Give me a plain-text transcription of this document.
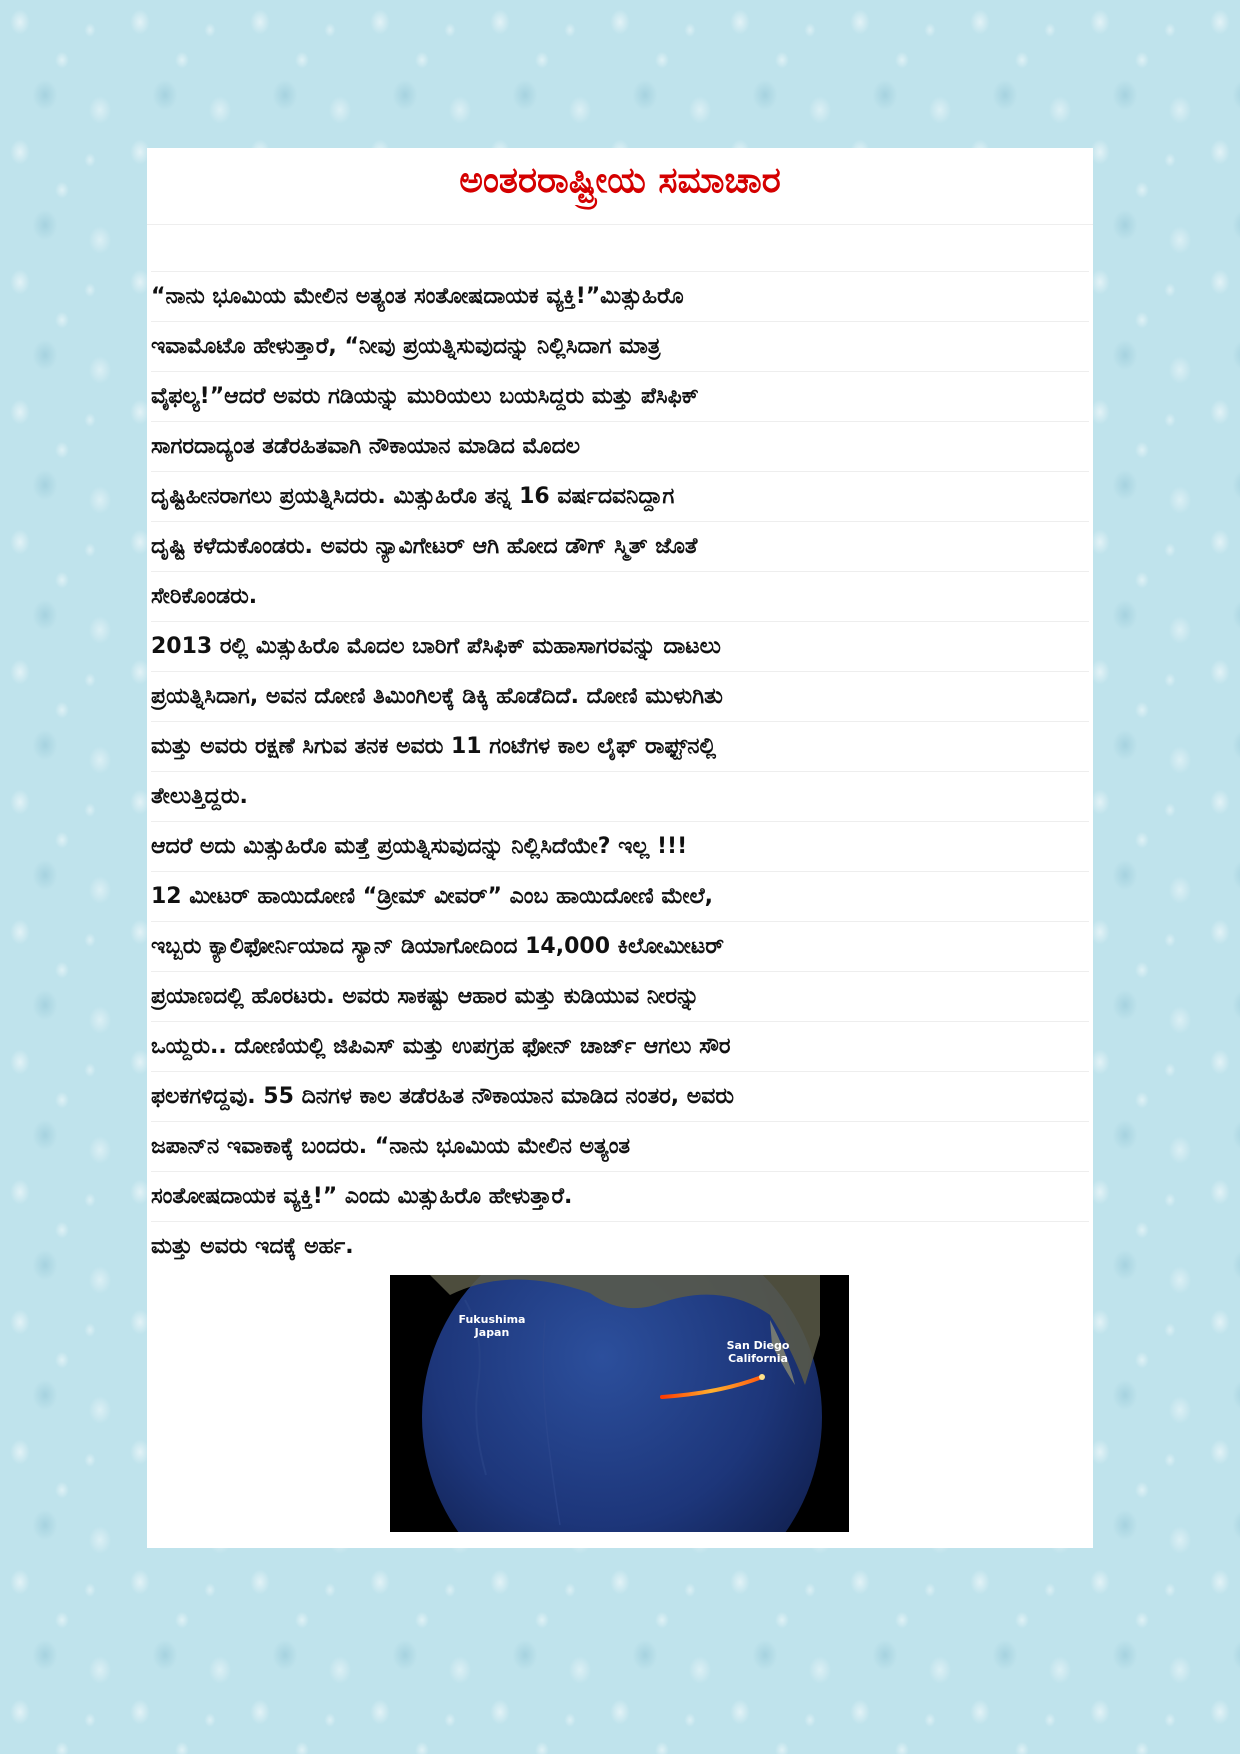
ಅಂತರರಾಷ್ಟ್ರೀಯ ಸಮಾಚಾರ
“ನಾನು ಭೂಮಿಯ ಮೇಲಿನ ಅತ್ಯಂತ ಸಂತೋಷದಾಯಕ ವ್ಯಕ್ತಿ!”ಮಿತ್ಸುಹಿರೊ
ಇವಾಮೊಟೊ ಹೇಳುತ್ತಾರೆ, “ನೀವು ಪ್ರಯತ್ನಿಸುವುದನ್ನು ನಿಲ್ಲಿಸಿದಾಗ ಮಾತ್ರ
ವೈಫಲ್ಯ!”ಆದರೆ ಅವರು ಗಡಿಯನ್ನು ಮುರಿಯಲು ಬಯಸಿದ್ದರು ಮತ್ತು ಪೆಸಿಫಿಕ್
ಸಾಗರದಾದ್ಯಂತ ತಡೆರಹಿತವಾಗಿ ನೌಕಾಯಾನ ಮಾಡಿದ ಮೊದಲ
ದೃಷ್ಟಿಹೀನರಾಗಲು ಪ್ರಯತ್ನಿಸಿದರು. ಮಿತ್ಸುಹಿರೊ ತನ್ನ 16 ವರ್ಷದವನಿದ್ದಾಗ
ದೃಷ್ಟಿ ಕಳೆದುಕೊಂಡರು. ಅವರು ನ್ಯಾವಿಗೇಟರ್ ಆಗಿ ಹೋದ ಡೌಗ್ ಸ್ಮಿತ್ ಜೊತೆ
ಸೇರಿಕೊಂಡರು.
2013 ರಲ್ಲಿ ಮಿತ್ಸುಹಿರೊ ಮೊದಲ ಬಾರಿಗೆ ಪೆಸಿಫಿಕ್ ಮಹಾಸಾಗರವನ್ನು ದಾಟಲು
ಪ್ರಯತ್ನಿಸಿದಾಗ, ಅವನ ದೋಣಿ ತಿಮಿಂಗಿಲಕ್ಕೆ ಡಿಕ್ಕಿ ಹೊಡೆದಿದೆ. ದೋಣಿ ಮುಳುಗಿತು
ಮತ್ತು ಅವರು ರಕ್ಷಣೆ ಸಿಗುವ ತನಕ ಅವರು 11 ಗಂಟೆಗಳ ಕಾಲ ಲೈಫ್ ರಾಫ್ಟ್‌ನಲ್ಲಿ
ತೇಲುತ್ತಿದ್ದರು.
ಆದರೆ ಅದು ಮಿತ್ಸುಹಿರೊ ಮತ್ತೆ ಪ್ರಯತ್ನಿಸುವುದನ್ನು ನಿಲ್ಲಿಸಿದೆಯೇ? ಇಲ್ಲ !!!
12 ಮೀಟರ್ ಹಾಯಿದೋಣಿ “ಡ್ರೀಮ್ ವೀವರ್” ಎಂಬ ಹಾಯಿದೋಣಿ ಮೇಲೆ,
ಇಬ್ಬರು ಕ್ಯಾಲಿಫೋರ್ನಿಯಾದ ಸ್ಯಾನ್ ಡಿಯಾಗೋದಿಂದ 14,000 ಕಿಲೋಮೀಟರ್
ಪ್ರಯಾಣದಲ್ಲಿ ಹೊರಟರು. ಅವರು ಸಾಕಷ್ಟು ಆಹಾರ ಮತ್ತು ಕುಡಿಯುವ ನೀರನ್ನು
ಒಯ್ದರು.. ದೋಣಿಯಲ್ಲಿ ಜಿಪಿಎಸ್ ಮತ್ತು ಉಪಗ್ರಹ ಫೋನ್ ಚಾರ್ಜ್ ಆಗಲು ಸೌರ
ಫಲಕಗಳಿದ್ದವು. 55 ದಿನಗಳ ಕಾಲ ತಡೆರಹಿತ ನೌಕಾಯಾನ ಮಾಡಿದ ನಂತರ, ಅವರು
ಜಪಾನ್‌ನ ಇವಾಕಾಕ್ಕೆ ಬಂದರು. “ನಾನು ಭೂಮಿಯ ಮೇಲಿನ ಅತ್ಯಂತ
ಸಂತೋಷದಾಯಕ ವ್ಯಕ್ತಿ!” ಎಂದು ಮಿತ್ಸುಹಿರೊ ಹೇಳುತ್ತಾರೆ.
ಮತ್ತು ಅವರು ಇದಕ್ಕೆ ಅರ್ಹ.
Fukushima
Japan
San Diego
California
